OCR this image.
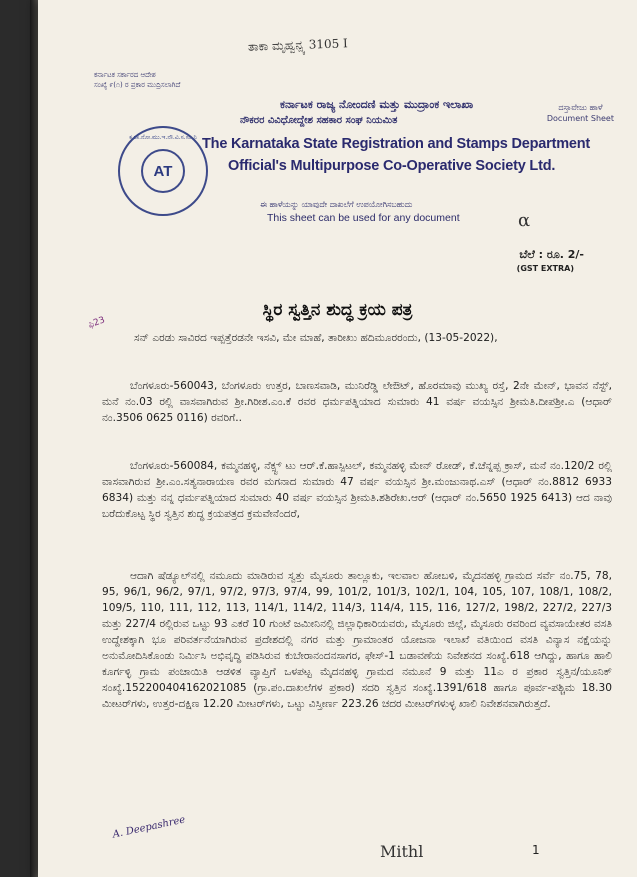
ತಾಕಾ ಮೃಹ್ವನ್ಪ್ಕ 3105 I
ಕರ್ನಾಟಕ ಸರ್ಕಾರದ ಆದೇಶ
ಸಂಖ್ಯೆ ೯(೧) ರ ಪ್ರಕಾರ ಮುದ್ರಿಸಲಾಗಿದೆ
ದಸ್ತಾವೇಜು ಹಾಳೆ
Document Sheet
ಕ.ರಾ.ನೋ.ಮು.ಇ.ನೌ.ವಿ.ಸ.ಸಂ.ನಿ
AT
ಕರ್ನಾಟಕ ರಾಜ್ಯ ನೋಂದಣಿ ಮತ್ತು ಮುದ್ರಾಂಕ ಇಲಾಖಾ
ನೌಕರರ ವಿವಿಧೋದ್ದೇಶ ಸಹಕಾರ ಸಂಘ ನಿಯಮಿತ
The Karnataka State Registration and Stamps Department
Official's Multipurpose Co-Operative Society Ltd.
ಈ ಹಾಳೆಯನ್ನು ಯಾವುದೇ ದಾಖಲೆಗೆ ಉಪಯೋಗಿಸಬಹುದು
This sheet can be used for any document	α
ಬೆಲೆ : ರೂ. 2/-
(GST EXTRA)
ಫಿ23
ಸ್ಥಿರ ಸ್ವತ್ತಿನ ಶುದ್ಧ ಕ್ರಯ ಪತ್ರ
ಸನ್ ಎರಡು ಸಾವಿರದ ಇಪ್ಪತ್ತೆರಡನೇ ಇಸವಿ, ಮೇ ಮಾಹೆ, ತಾರೀಖು ಹದಿಮೂರರಂದು, (13-05-2022),
ಬೆಂಗಳೂರು-560043, ಬೆಂಗಳೂರು ಉತ್ತರ, ಬಾಣಸವಾಡಿ, ಮುನಿರೆಡ್ಡಿ ಲೇಔಟ್, ಹೊರಮಾವು ಮುಖ್ಯ ರಸ್ತೆ, 2ನೇ ಮೇನ್, ಭಾವನ ನೆಸ್ಟ್, ಮನೆ ನಂ.03 ರಲ್ಲಿ ವಾಸವಾಗಿರುವ ಶ್ರೀ.ಗಿರೀಶ.ಎಂ.ಕೆ ರವರ ಧರ್ಮಪತ್ನಿಯಾದ ಸುಮಾರು 41 ವರ್ಷ ವಯಸ್ಸಿನ ಶ್ರೀಮತಿ.ದೀಪಶ್ರೀ.ಎ (ಆಧಾರ್ ನಂ.3506 0625 0116) ರವರಿಗೆ..
ಬೆಂಗಳೂರು-560084, ಕಮ್ಮನಹಳ್ಳಿ, ನೆಕ್ಸ್ಟ್ ಟು ಆರ್.ಕೆ.ಹಾಸ್ಪಿಟಲ್, ಕಮ್ಮನಹಳ್ಳಿ ಮೇನ್ ರೋಡ್, ಕೆ.ಚೆನ್ನಪ್ಪ ಕ್ರಾಸ್, ಮನೆ ನಂ.120/2 ರಲ್ಲಿ ವಾಸವಾಗಿರುವ ಶ್ರೀ.ಎಂ.ಸತ್ಯನಾರಾಯಣ ರವರ ಮಗನಾದ ಸುಮಾರು 47 ವರ್ಷ ವಯಸ್ಸಿನ ಶ್ರೀ.ಮಂಜುನಾಥ.ಎಸ್ (ಆಧಾರ್ ನಂ.8812 6933 6834) ಮತ್ತು ನನ್ನ ಧರ್ಮಪತ್ನಿಯಾದ ಸುಮಾರು 40 ವರ್ಷ ವಯಸ್ಸಿನ ಶ್ರೀಮತಿ.ಶಶಿರೇಖ.ಆರ್ (ಆಧಾರ್ ನಂ.5650 1925 6413) ಆದ ನಾವು ಬರೆದುಕೊಟ್ಟ ಸ್ಥಿರ ಸ್ವತ್ತಿನ ಶುದ್ಧ ಕ್ರಯಪತ್ರದ ಕ್ರಮವೇನೆಂದರೆ,
ಆದಾಗಿ ಷೆಡ್ಯೂಲ್‌ನಲ್ಲಿ ನಮೂದು ಮಾಡಿರುವ ಸ್ವತ್ತು ಮೈಸೂರು ತಾಲ್ಲೂಕು, ಇಲವಾಲ ಹೋಬಳಿ, ಮೈದನಹಳ್ಳಿ ಗ್ರಾಮದ ಸರ್ವೆ ನಂ.75, 78, 95, 96/1, 96/2, 97/1, 97/2, 97/3, 97/4, 99, 101/2, 101/3, 102/1, 104, 105, 107, 108/1, 108/2, 109/5, 110, 111, 112, 113, 114/1, 114/2, 114/3, 114/4, 115, 116, 127/2, 198/2, 227/2, 227/3 ಮತ್ತು 227/4 ರಲ್ಲಿರುವ ಒಟ್ಟು 93 ಎಕರೆ 10 ಗುಂಟೆ ಜಮೀನಿನಲ್ಲಿ ಜಿಲ್ಲಾಧಿಕಾರಿಯವರು, ಮೈಸೂರು ಜಿಲ್ಲೆ, ಮೈಸೂರು ರವರಿಂದ ವ್ಯವಸಾಯೇತರ ವಸತಿ ಉದ್ದೇಶಕ್ಕಾಗಿ ಭೂ ಪರಿವರ್ತನೆಯಾಗಿರುವ ಪ್ರದೇಶದಲ್ಲಿ ನಗರ ಮತ್ತು ಗ್ರಾಮಾಂತರ ಯೋಜನಾ ಇಲಾಖೆ ವತಿಯಿಂದ ವಸತಿ ವಿನ್ಯಾಸ ನಕ್ಷೆಯನ್ನು ಅನುಮೋದಿಸಿಕೊಂಡು ನಿರ್ಮಿಸಿ ಅಭಿವೃದ್ಧಿ ಪಡಿಸಿರುವ ಕುಬೇರಾನಂದನಸಾಗರ, ಫೇಸ್-1 ಬಡಾವಣೆಯ ನಿವೇಶನದ ಸಂಖ್ಯೆ.618 ಆಗಿದ್ದು, ಹಾಗೂ ಹಾಲಿ ಕೂರ್ಗಳ್ಳಿ ಗ್ರಾಮ ಪಂಚಾಯಿತಿ ಆಡಳಿತ ವ್ಯಾಪ್ತಿಗೆ ಒಳಪಟ್ಟ ಮೈದನಹಳ್ಳಿ ಗ್ರಾಮದ ನಮೂನೆ 9 ಮತ್ತು 11ಎ ರ ಪ್ರಕಾರ ಸ್ವತ್ತಿನ/ಯೂನಿಕ್ ಸಂಖ್ಯೆ.152200404162021085 (ಗ್ರಾ.ಪಂ.ದಾಖಲೆಗಳ ಪ್ರಕಾರ) ಸದರಿ ಸ್ವತ್ತಿನ ಸಂಖ್ಯೆ.1391/618 ಹಾಗೂ ಪೂರ್ವ-ಪಶ್ಚಿಮ 18.30 ಮೀಟರ್‌ಗಳು, ಉತ್ತರ-ದಕ್ಷಿಣ 12.20 ಮೀಟರ್‌ಗಳು, ಒಟ್ಟು ವಿಸ್ತೀರ್ಣ 223.26 ಚದರ ಮೀಟರ್‌ಗಳುಳ್ಳ ಖಾಲಿ ನಿವೇಶನವಾಗಿರುತ್ತದೆ.
A. Deepashree
Mithl	1
